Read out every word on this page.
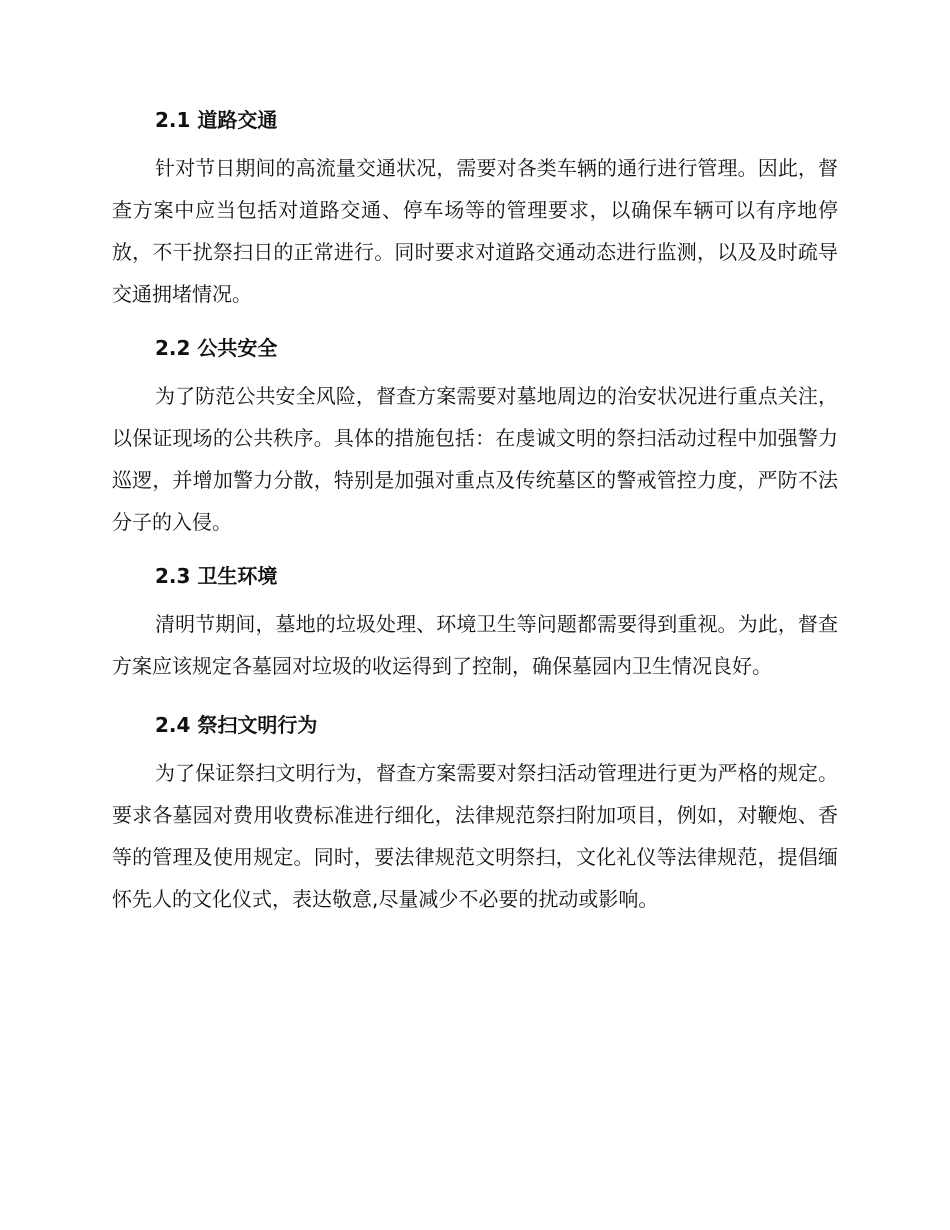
2.1 道路交通

针对节日期间的高流量交通状况，需要对各类车辆的通行进行管理。因此，督查方案中应当包括对道路交通、停车场等的管理要求，以确保车辆可以有序地停放，不干扰祭扫日的正常进行。同时要求对道路交通动态进行监测，以及及时疏导交通拥堵情况。

2.2 公共安全

为了防范公共安全风险，督查方案需要对墓地周边的治安状况进行重点关注，以保证现场的公共秩序。具体的措施包括：在虔诚文明的祭扫活动过程中加强警力巡逻，并增加警力分散，特别是加强对重点及传统墓区的警戒管控力度，严防不法分子的入侵。

2.3 卫生环境

清明节期间，墓地的垃圾处理、环境卫生等问题都需要得到重视。为此，督查方案应该规定各墓园对垃圾的收运得到了控制，确保墓园内卫生情况良好。

2.4 祭扫文明行为

为了保证祭扫文明行为，督查方案需要对祭扫活动管理进行更为严格的规定。要求各墓园对费用收费标准进行细化，法律规范祭扫附加项目，例如，对鞭炮、香等的管理及使用规定。同时，要法律规范文明祭扫，文化礼仪等法律规范，提倡缅怀先人的文化仪式，表达敬意,尽量减少不必要的扰动或影响。
